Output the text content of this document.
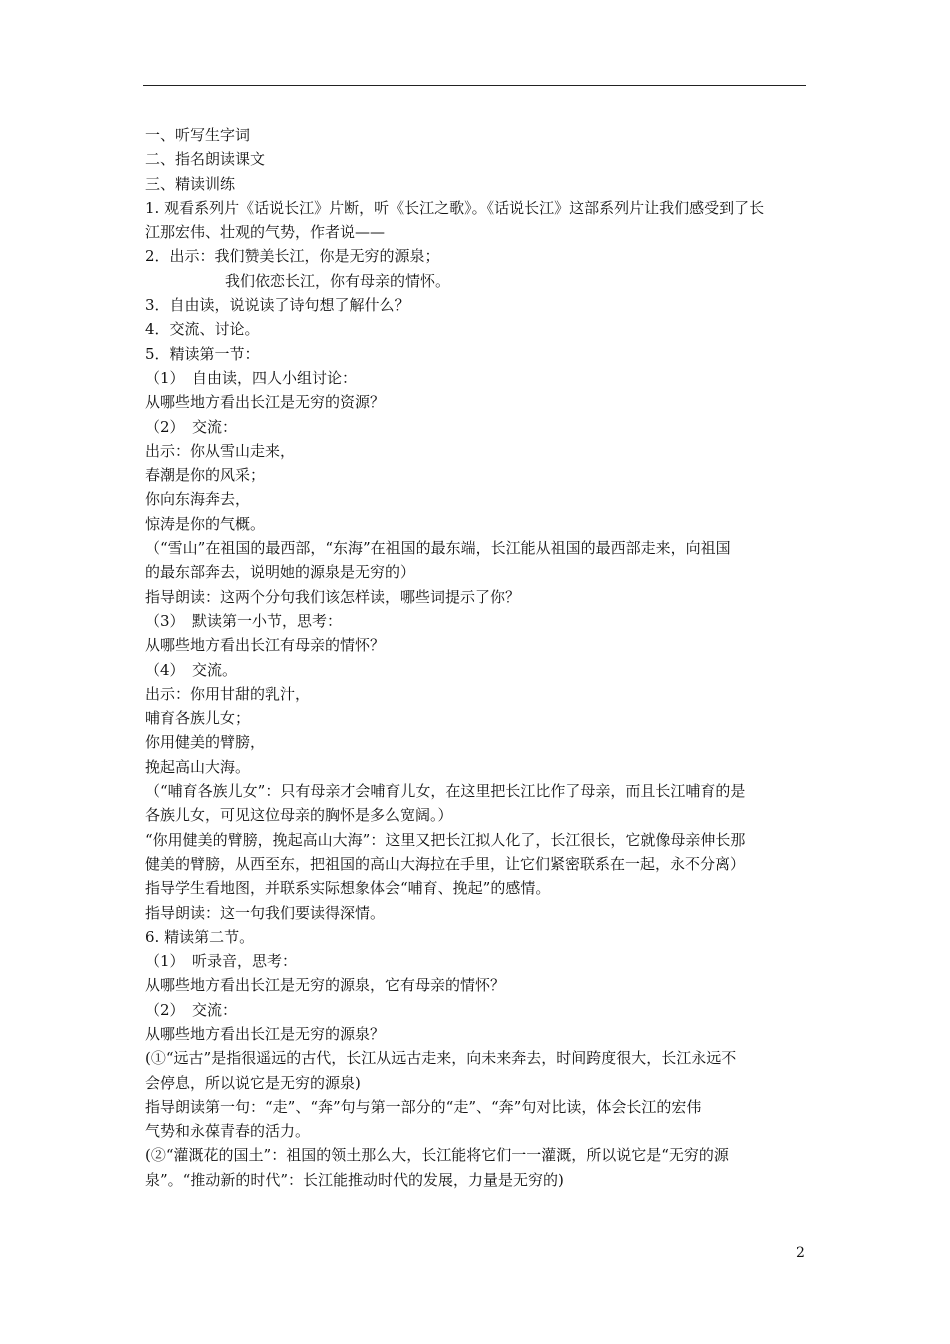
一、听写生字词
二、指名朗读课文
三、精读训练
1. 观看系列片《话说长江》片断，听《长江之歌》。《话说长江》这部系列片让我们感受到了长
江那宏伟、壮观的气势，作者说——
2．出示：我们赞美长江，你是无穷的源泉；
我们依恋长江，你有母亲的情怀。
3．自由读，说说读了诗句想了解什么？
4．交流、讨论。
5．精读第一节：
（1）　自由读，四人小组讨论：
从哪些地方看出长江是无穷的资源？
（2）　交流：
出示：你从雪山走来，
春潮是你的风采；
你向东海奔去，
惊涛是你的气概。
（“雪山”在祖国的最西部，“东海”在祖国的最东端，长江能从祖国的最西部走来，向祖国
的最东部奔去，说明她的源泉是无穷的）
指导朗读：这两个分句我们该怎样读，哪些词提示了你？
（3）　默读第一小节，思考：
从哪些地方看出长江有母亲的情怀？
（4）　交流。
出示：你用甘甜的乳汁，
哺育各族儿女；
你用健美的臂膀，
挽起高山大海。
（“哺育各族儿女”：只有母亲才会哺育儿女，在这里把长江比作了母亲，而且长江哺育的是
各族儿女，可见这位母亲的胸怀是多么宽阔。）
“你用健美的臂膀，挽起高山大海”：这里又把长江拟人化了，长江很长，它就像母亲伸长那
健美的臂膀，从西至东，把祖国的高山大海拉在手里，让它们紧密联系在一起，永不分离）
指导学生看地图，并联系实际想象体会“哺育、挽起”的感情。
指导朗读：这一句我们要读得深情。
6. 精读第二节。
（1）　听录音，思考：
从哪些地方看出长江是无穷的源泉，它有母亲的情怀？
（2）　交流：
从哪些地方看出长江是无穷的源泉？
(①“远古”是指很遥远的古代，长江从远古走来，向未来奔去，时间跨度很大，长江永远不
会停息，所以说它是无穷的源泉)
指导朗读第一句：“走”、“奔”句与第一部分的“走”、“奔”句对比读，体会长江的宏伟
气势和永葆青春的活力。
(②“灌溉花的国土”：祖国的领土那么大，长江能将它们一一灌溉，所以说它是“无穷的源
泉”。“推动新的时代”：长江能推动时代的发展，力量是无穷的)
2
